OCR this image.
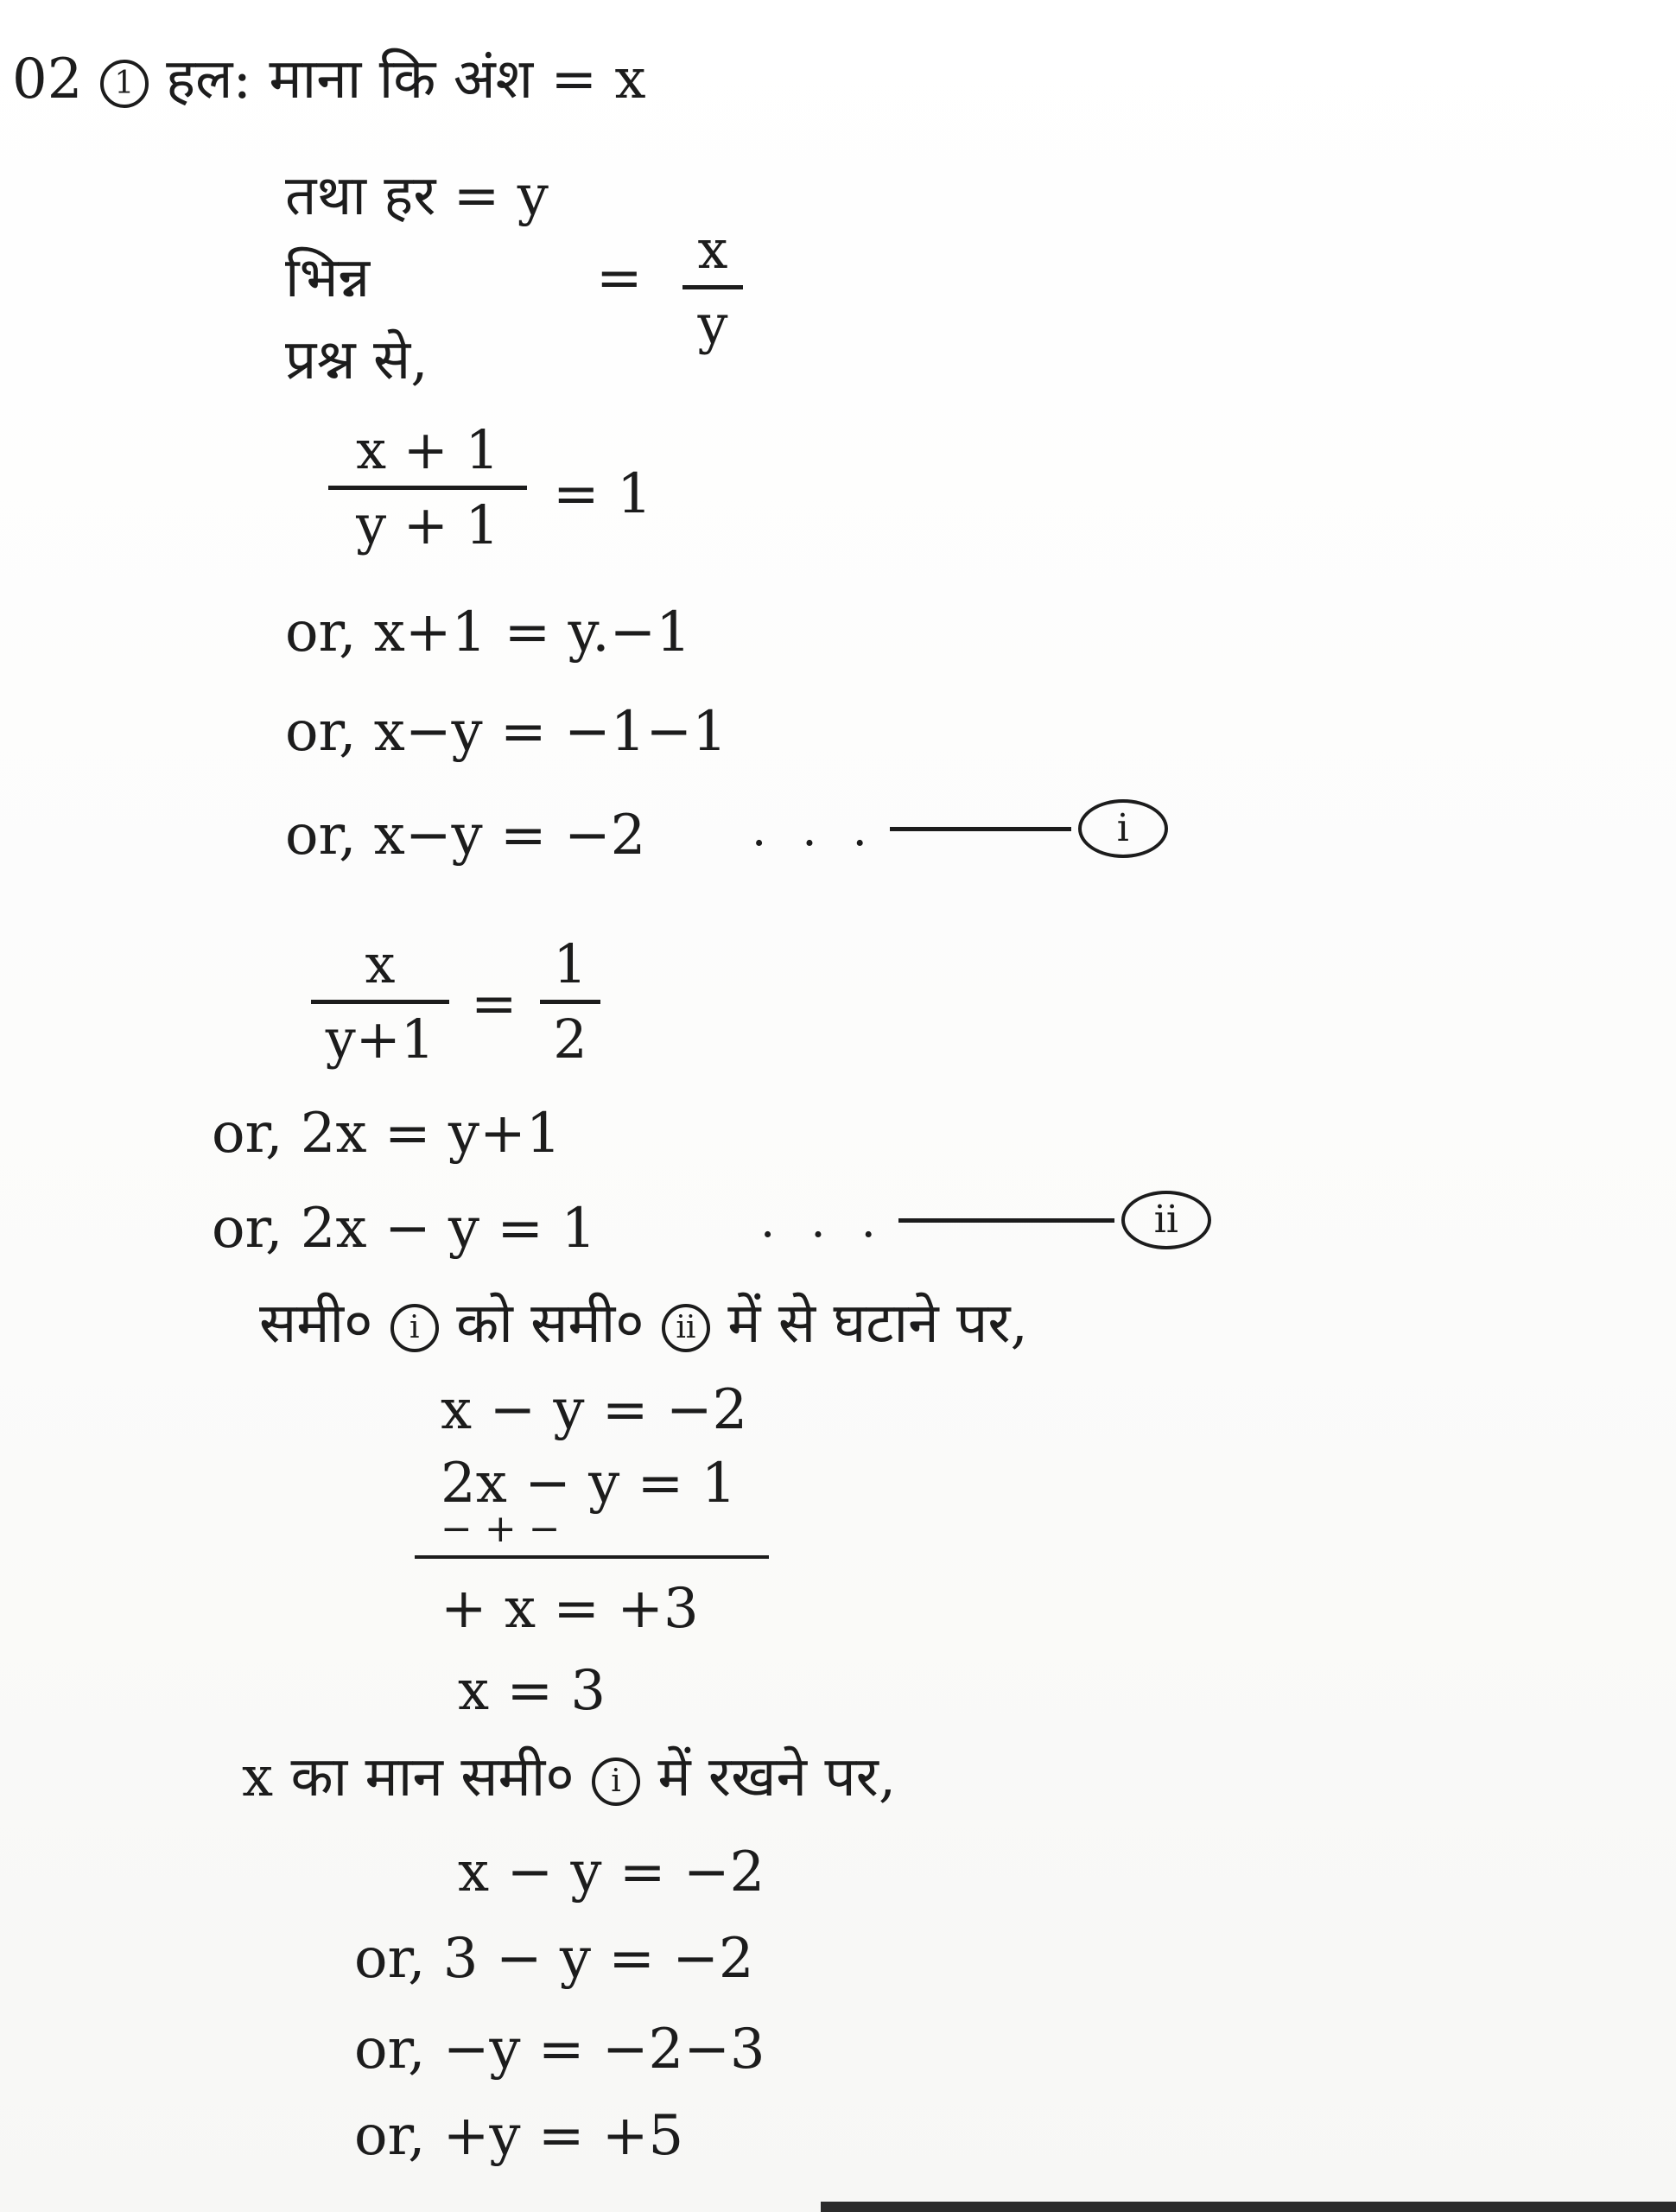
02 1 हल: माना कि अंश = x
तथा हर = y
भिन्न	= x
y
प्रश्न से,
x + 1
y + 1 = 1
or, x+1 = y.−1
or, x−y = −1−1
or, x−y = −2 . . .	i
x
y+1
=
1
2
or, 2x = y+1
or, 2x − y = 1	. . .	ii
समी० i को समी० ii में से घटाने पर,
x − y = −2
2x − y = 1
− + −
+ x = +3
x = 3
x का मान समी० i में रखने पर,
x − y = −2
or, 3 − y = −2
or, −y = −2−3
or, +y = +5
